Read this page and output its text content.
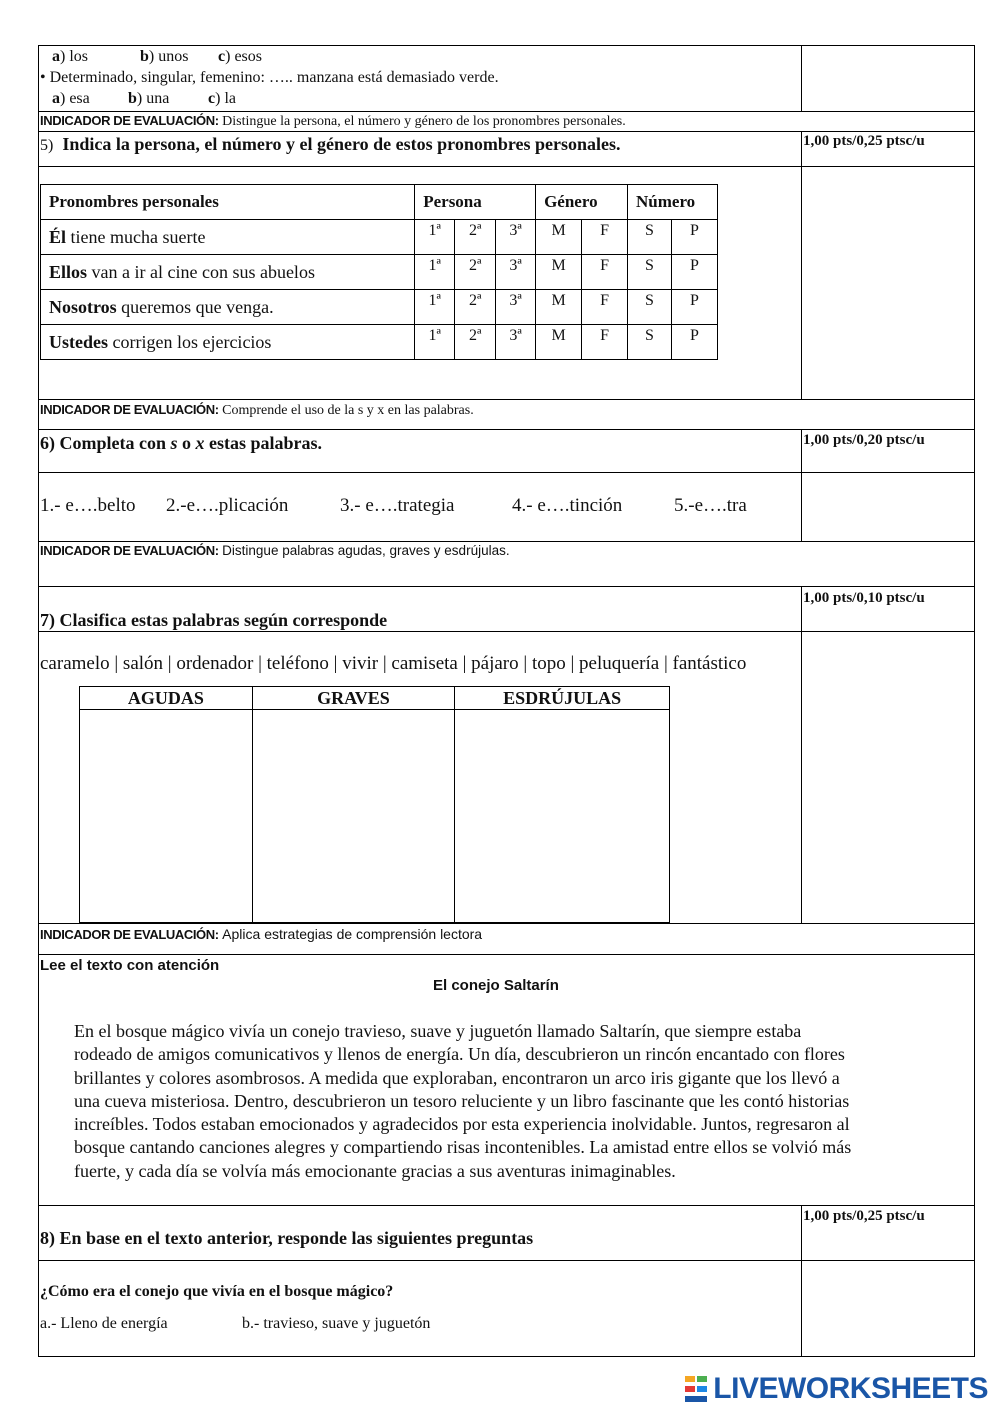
a) los	b) unos c) esos
• Determinado, singular, femenino: ….. manzana está demasiado verde.
a) esa b) una c) la
INDICADOR DE EVALUACIÓN: Distingue la persona, el número y género de los pronombres personales.
5) Indica la persona, el número y el género de estos pronombres personales.	1,00 pts/0,25 ptsc/u
Pronombres personales	Persona			Género		Número	
Él tiene mucha suerte	1ª	2ª	3ª	M	F	S	P
Ellos van a ir al cine con sus abuelos	1ª	2ª	3ª	M	F	S	P
Nosotros queremos que venga.	1ª	2ª	3ª	M	F	S	P
Ustedes corrigen los ejercicios	1ª	2ª	3ª	M	F	S	P
INDICADOR DE EVALUACIÓN: Comprende el uso de la s y x en las palabras.
6) Completa con s o x estas palabras.	1,00 pts/0,20 ptsc/u
1.- e….belto 2.-e….plicación	3.- e….trategia	4.- e….tinción	5.-e….tra
INDICADOR DE EVALUACIÓN: Distingue palabras agudas, graves y esdrújulas.
1,00 pts/0,10 ptsc/u
7) Clasifica estas palabras según corresponde
caramelo | salón | ordenador | teléfono | vivir | camiseta | pájaro | topo | peluquería | fantástico
AGUDAS	GRAVES	ESDRÚJULAS

INDICADOR DE EVALUACIÓN: Aplica estrategias de comprensión lectora
Lee el texto con atención
El conejo Saltarín
En el bosque mágico vivía un conejo travieso, suave y juguetón llamado Saltarín, que siempre estaba
rodeado de amigos comunicativos y llenos de energía. Un día, descubrieron un rincón encantado con flores
brillantes y colores asombrosos. A medida que exploraban, encontraron un arco iris gigante que los llevó a
una cueva misteriosa. Dentro, descubrieron un tesoro reluciente y un libro fascinante que les contó historias
increíbles. Todos estaban emocionados y agradecidos por esta experiencia inolvidable. Juntos, regresaron al
bosque cantando canciones alegres y compartiendo risas incontenibles. La amistad entre ellos se volvió más
fuerte, y cada día se volvía más emocionante gracias a sus aventuras inimaginables.
1,00 pts/0,25 ptsc/u
8) En base en el texto anterior, responde las siguientes preguntas
¿Cómo era el conejo que vivía en el bosque mágico?
a.- Lleno de energía	b.- travieso, suave y juguetón
LIVEWORKSHEETS
